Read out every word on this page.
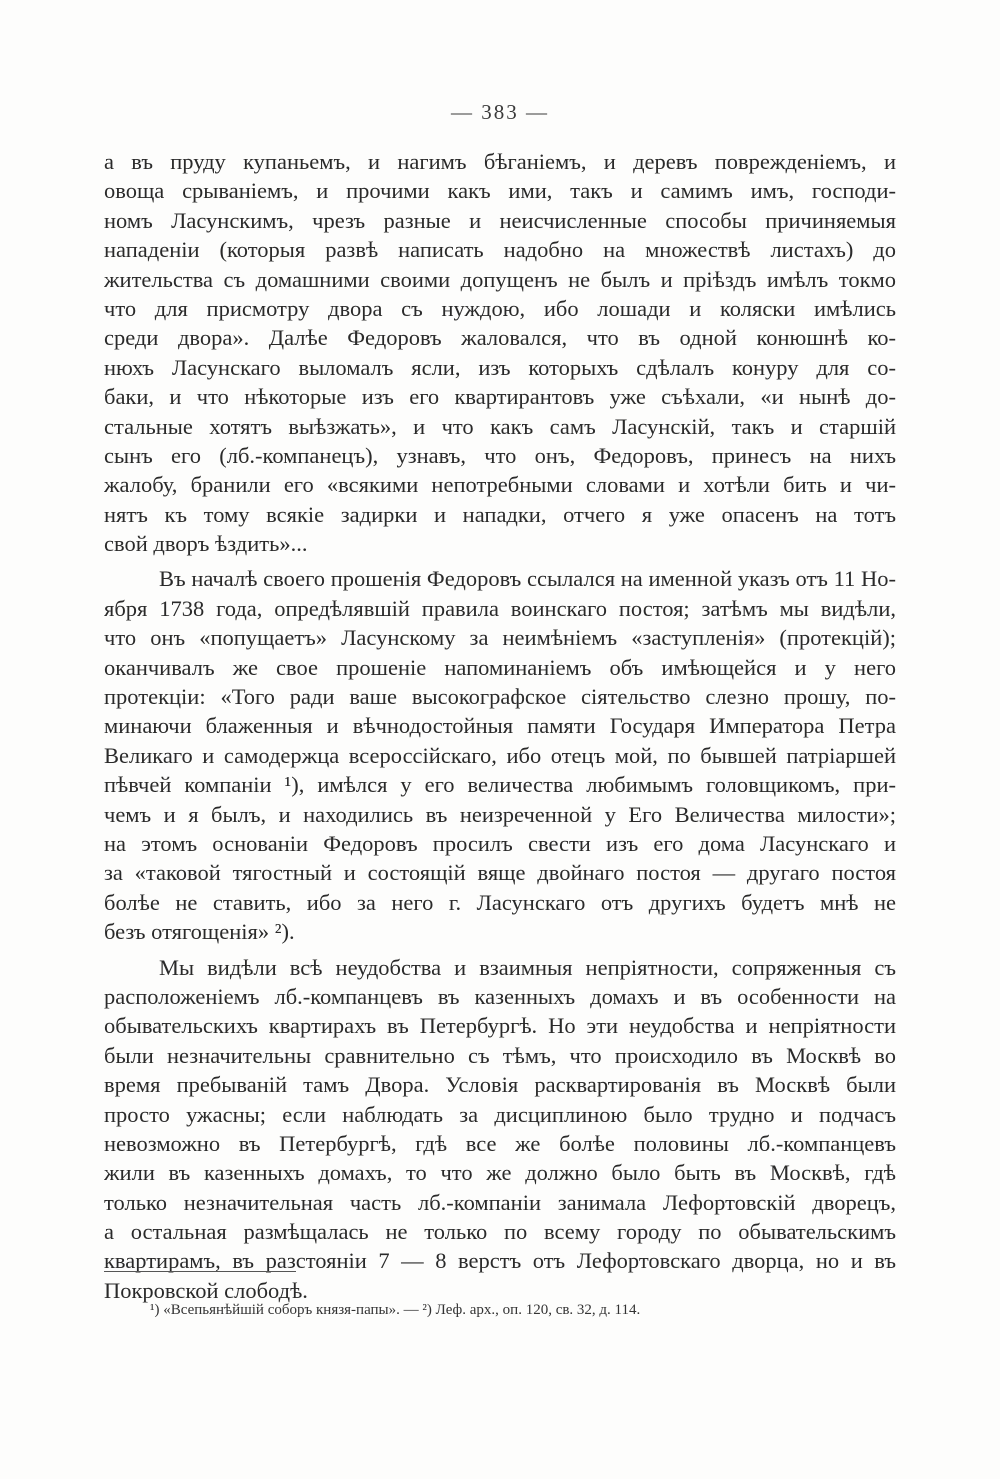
— 383 —
а въ пруду купаньемъ, и нагимъ бѣганiемъ, и деревъ поврежденiемъ, и
овоща срыванiемъ, и прочими какъ ими, такъ и самимъ имъ, господи-
номъ Ласунскимъ, чрезъ разные и неисчисленные способы причиняемыя
нападенiи (которыя развѣ написать надобно на множествѣ листахъ) до
жительства съ домашними своими допущенъ не былъ и прiѣздъ имѣлъ токмо
что для присмотру двора съ нуждою, ибо лошади и коляски имѣлись
среди двора». Далѣе Федоровъ жаловался, что въ одной конюшнѣ ко-
нюхъ Ласунскаго выломалъ ясли, изъ которыхъ сдѣлалъ конуру для со-
баки, и что нѣкоторые изъ его квартирантовъ уже съѣхали, «и нынѣ до-
стальные хотятъ выѣзжать», и что какъ самъ Ласунскiй, такъ и старшiй
сынъ его (лб.-компанецъ), узнавъ, что онъ, Федоровъ, принесъ на нихъ
жалобу, бранили его «всякими непотребными словами и хотѣли бить и чи-
нятъ къ тому всякiе задирки и нападки, отчего я уже опасенъ на тотъ
свой дворъ ѣздить»...
Въ началѣ своего прошенiя Федоровъ ссылался на именной указъ отъ 11 Но-
ября 1738 года, опредѣлявшiй правила воинскаго постоя; затѣмъ мы видѣли,
что онъ «попущаетъ» Ласунскому за неимѣнiемъ «заступленiя» (протекцiй);
оканчивалъ же свое прошенiе напоминанiемъ объ имѣющейся и у него
протекцiи: «Того ради ваше высокографское сiятельство слезно прошу, по-
минаючи блаженныя и вѣчнодостойныя памяти Государя Императора Петра
Великаго и самодержца всероссiйскаго, ибо отецъ мой, по бывшей патрiаршей
пѣвчей компанiи ¹), имѣлся у его величества любимымъ головщикомъ, при-
чемъ и я былъ, и находились въ неизреченной у Его Величества милости»;
на этомъ основанiи Федоровъ просилъ свести изъ его дома Ласунскаго и
за «таковой тягостный и состоящiй вяще двойнаго постоя — другаго постоя
болѣе не ставить, ибо за него г. Ласунскаго отъ другихъ будетъ мнѣ не
безъ отягощенiя» ²).
Мы видѣли всѣ неудобства и взаимныя непрiятности, сопряженныя съ
расположенiемъ лб.-компанцевъ въ казенныхъ домахъ и въ особенности на
обывательскихъ квартирахъ въ Петербургѣ. Но эти неудобства и непрiятности
были незначительны сравнительно съ тѣмъ, что происходило въ Москвѣ во
время пребыванiй тамъ Двора. Условiя расквартированiя въ Москвѣ были
просто ужасны; если наблюдать за дисциплиною было трудно и подчасъ
невозможно въ Петербургѣ, гдѣ все же болѣе половины лб.-компанцевъ
жили въ казенныхъ домахъ, то что же должно было быть въ Москвѣ, гдѣ
только незначительная часть лб.-компанiи занимала Лефортовскiй дворецъ,
а остальная размѣщалась не только по всему городу по обывательскимъ
квартирамъ, въ разстоянiи 7 — 8 верстъ отъ Лефортовскаго дворца, но и въ
Покровской слободѣ.
¹) «Всепьянѣйшiй соборъ князя-папы». — ²) Леф. арх., оп. 120, св. 32, д. 114.
